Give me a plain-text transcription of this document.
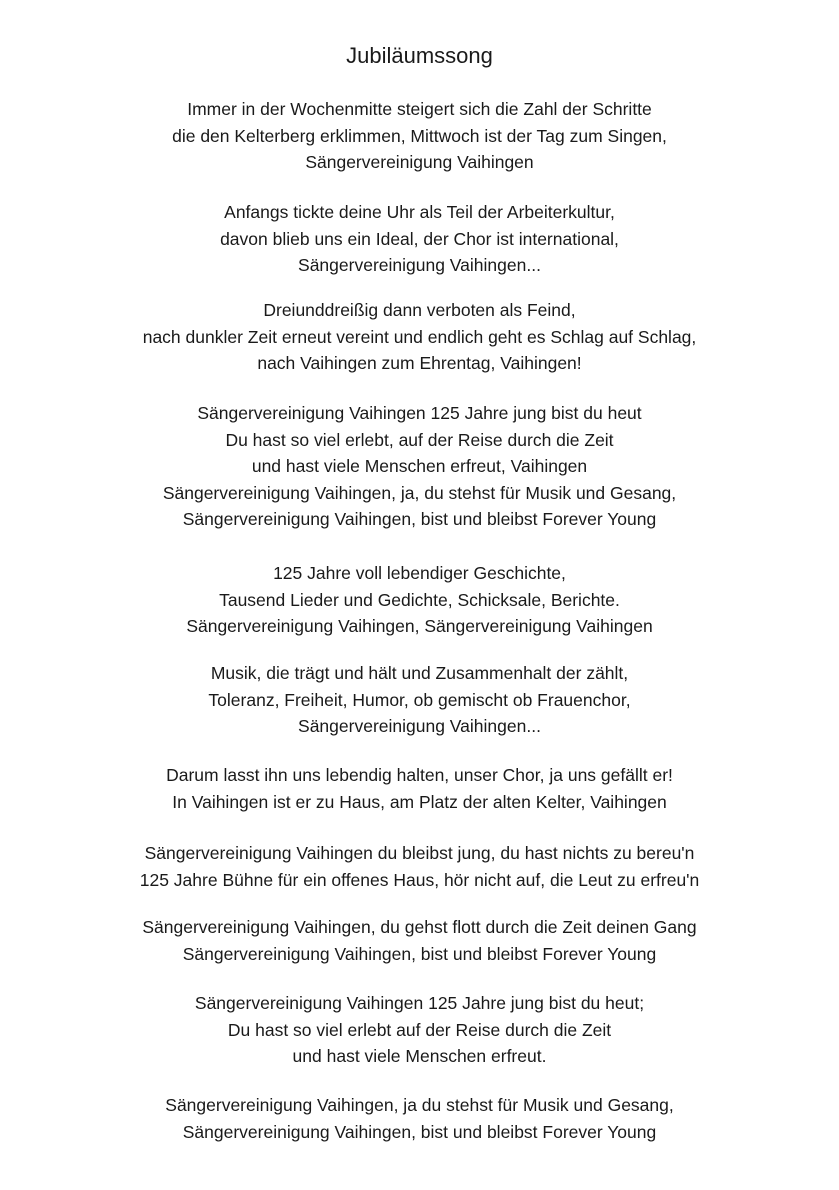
Jubiläumssong
Immer in der Wochenmitte steigert sich die Zahl der Schritte
die den Kelterberg erklimmen, Mittwoch ist der Tag zum Singen,
Sängervereinigung Vaihingen
Anfangs tickte deine Uhr als Teil der Arbeiterkultur,
davon blieb uns ein Ideal, der Chor ist international,
Sängervereinigung Vaihingen...
Dreiunddreißig dann verboten als Feind,
nach dunkler Zeit erneut vereint und endlich geht es Schlag auf Schlag,
nach Vaihingen zum Ehrentag, Vaihingen!
Sängervereinigung Vaihingen 125 Jahre jung bist du heut
Du hast so viel erlebt, auf der Reise durch die Zeit
und hast viele Menschen erfreut, Vaihingen
Sängervereinigung Vaihingen, ja, du stehst für Musik und Gesang,
Sängervereinigung Vaihingen, bist und bleibst Forever Young
125 Jahre voll lebendiger Geschichte,
Tausend Lieder und Gedichte, Schicksale, Berichte.
Sängervereinigung Vaihingen, Sängervereinigung Vaihingen
Musik, die trägt und hält und Zusammenhalt der zählt,
Toleranz, Freiheit, Humor, ob gemischt ob Frauenchor,
Sängervereinigung Vaihingen...
Darum lasst ihn uns lebendig halten, unser Chor, ja uns gefällt er!
In Vaihingen ist er zu Haus, am Platz der alten Kelter, Vaihingen
Sängervereinigung Vaihingen du bleibst jung, du hast nichts zu bereu'n
125 Jahre Bühne für ein offenes Haus, hör nicht auf, die Leut zu erfreu'n
Sängervereinigung Vaihingen, du gehst flott durch die Zeit deinen Gang
Sängervereinigung Vaihingen, bist und bleibst Forever Young
Sängervereinigung Vaihingen 125 Jahre jung bist du heut;
Du hast so viel erlebt auf der Reise durch die Zeit
und hast viele Menschen erfreut.
Sängervereinigung Vaihingen, ja du stehst für Musik und Gesang,
Sängervereinigung Vaihingen, bist und bleibst Forever Young
